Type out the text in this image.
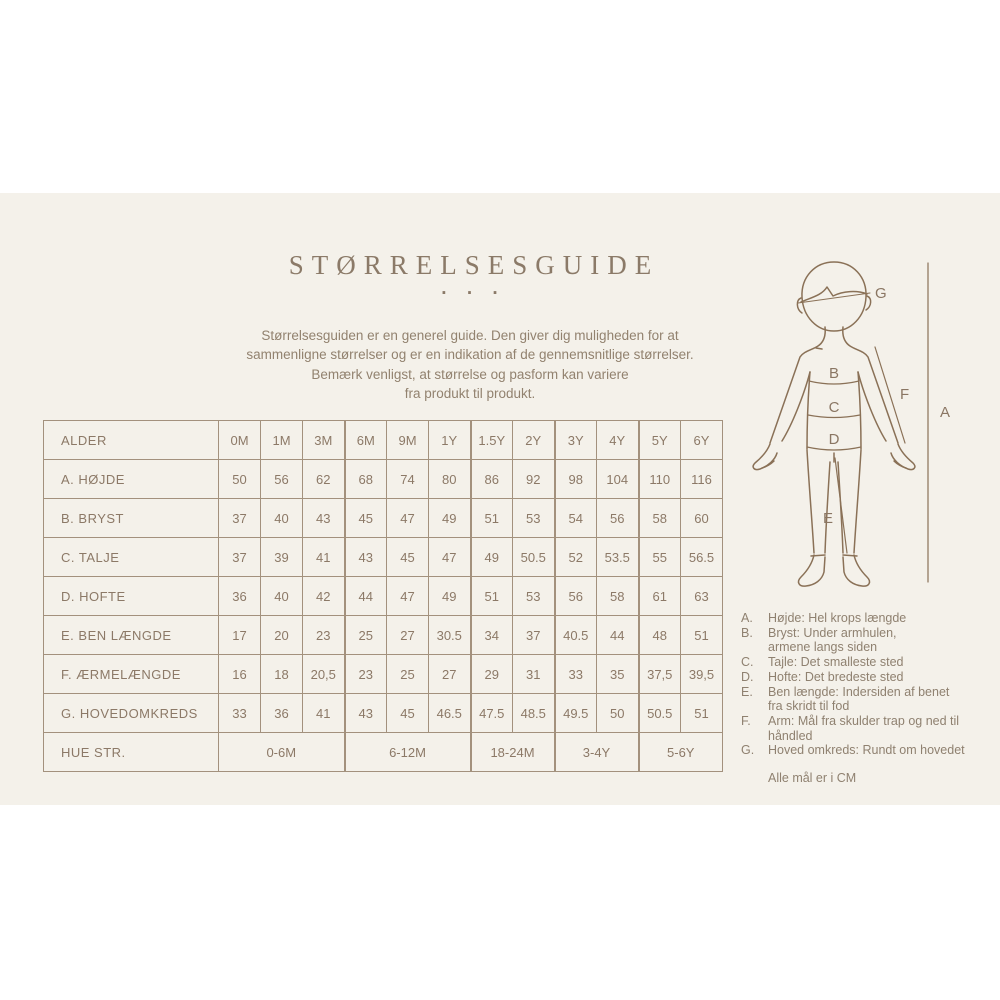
STØRRELSESGUIDE
· · ·
Størrelsesguiden er en generel guide. Den giver dig muligheden for at
sammenligne størrelser og er en indikation af de gennemsnitlige størrelser.
Bemærk venligst, at størrelse og pasform kan variere
fra produkt til produkt.
ALDER	0M	1M	3M	6M	9M	1Y	1.5Y	2Y	3Y	4Y	5Y	6Y
A. HØJDE	50	56	62	68	74	80	86	92	98	104	110	116
B. BRYST	37	40	43	45	47	49	51	53	54	56	58	60
C. TALJE	37	39	41	43	45	47	49	50.5	52	53.5	55	56.5
D. HOFTE	36	40	42	44	47	49	51	53	56	58	61	63
E. BEN LÆNGDE	17	20	23	25	27	30.5	34	37	40.5	44	48	51
F. ÆRMELÆNGDE	16	18	20,5	23	25	27	29	31	33	35	37,5	39,5
G. HOVEDOMKREDS	33	36	41	43	45	46.5	47.5	48.5	49.5	50	50.5	51
HUE STR.	0-6M			6-12M			18-24M		3-4Y		5-6Y	
G
B
C
D
E
F
A
A.	Højde: Hel krops længde
B.	Bryst: Under armhulen,
armene langs siden
C.	Tajle: Det smalleste sted
D.	Hofte: Det bredeste sted
E.	Ben længde: Indersiden af benet
fra skridt til fod
F.	Arm: Mål fra skulder trap og ned til
håndled
G.	Hoved omkreds: Rundt om hovedet
Alle mål er i CM
